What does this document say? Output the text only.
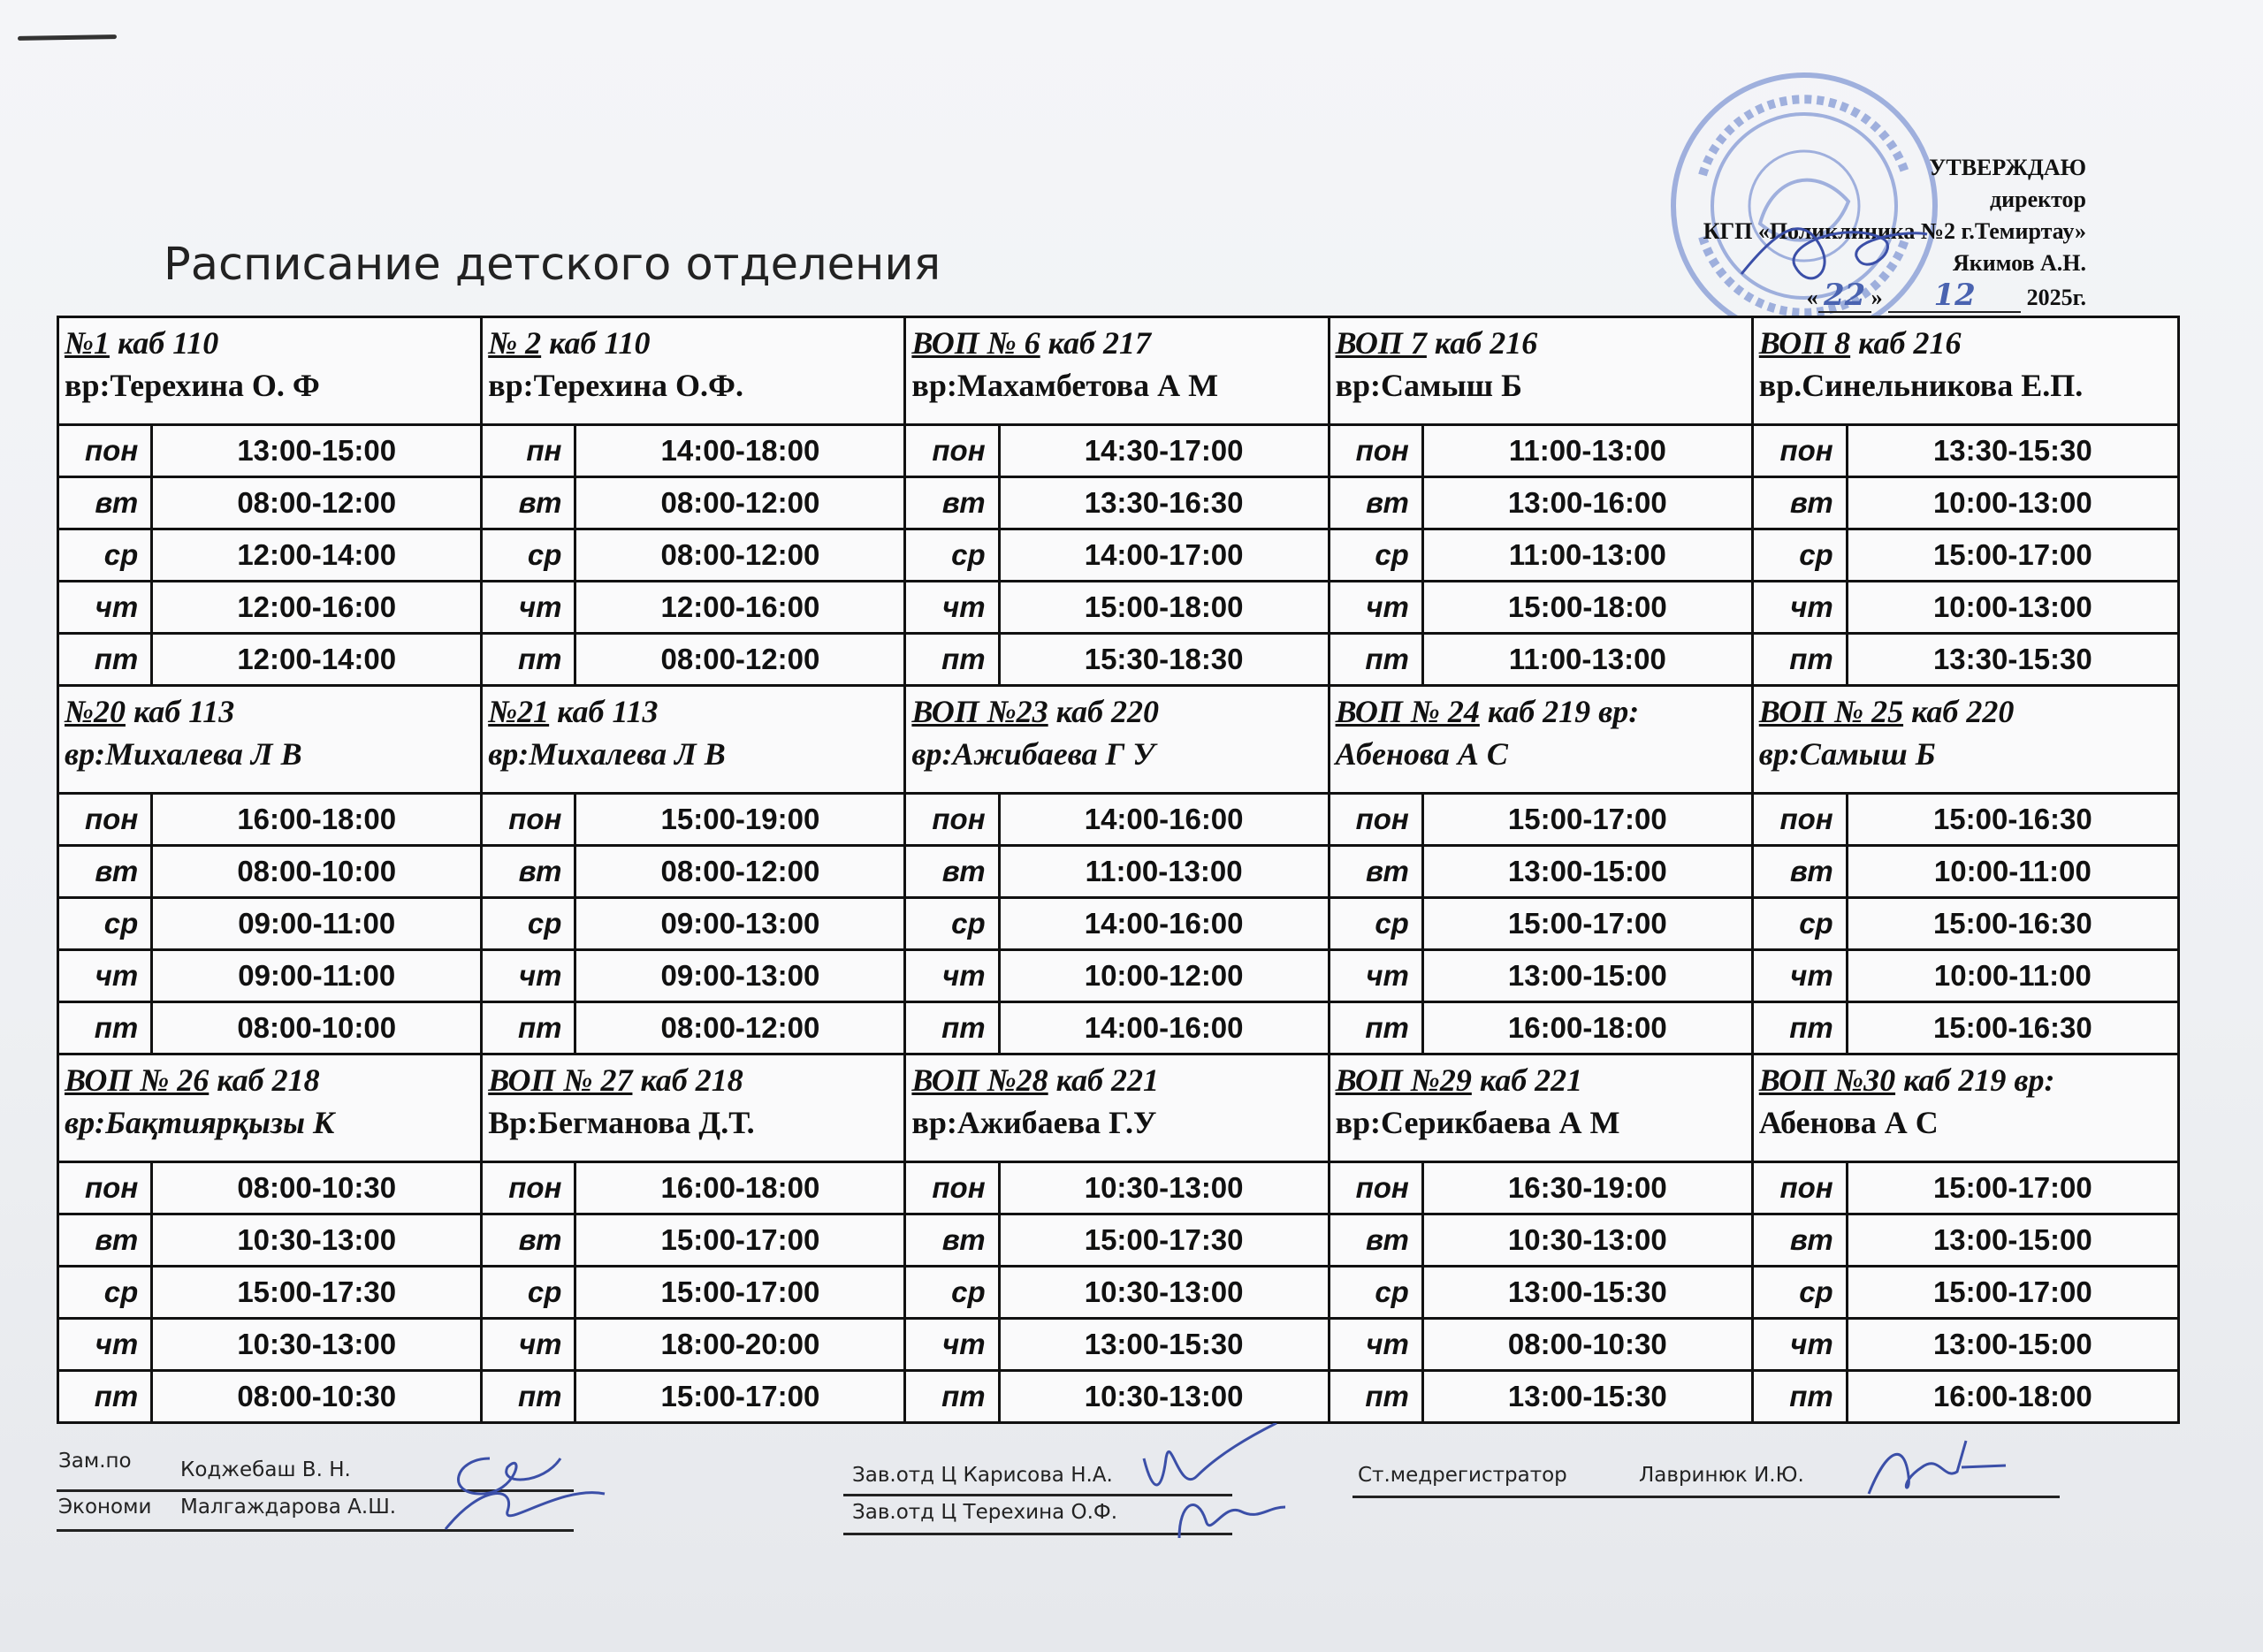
Расписание детского отделения
УТВЕРЖДАЮ
директор
КГП «Поликлиника №2 г.Темиртау»
Якимов А.Н.
« 22 » 12 2025г.
№1 каб 110
вр:Терехина О. Ф
пон	13:00-15:00
вт	08:00-12:00
ср	12:00-14:00
чт	12:00-16:00
пт	12:00-14:00
№ 2 каб 110
вр:Терехина О.Ф.
пн	14:00-18:00
вт	08:00-12:00
ср	08:00-12:00
чт	12:00-16:00
пт	08:00-12:00
ВОП № 6 каб 217
вр:Махамбетова А М
пон	14:30-17:00
вт	13:30-16:30
ср	14:00-17:00
чт	15:00-18:00
пт	15:30-18:30
ВОП 7 каб 216
вр:Самыш Б
пон	11:00-13:00
вт	13:00-16:00
ср	11:00-13:00
чт	15:00-18:00
пт	11:00-13:00
ВОП 8 каб 216
вр.Синельникова Е.П.
пон	13:30-15:30
вт	10:00-13:00
ср	15:00-17:00
чт	10:00-13:00
пт	13:30-15:30
№20 каб 113
вр:Михалева Л В
пон	16:00-18:00
вт	08:00-10:00
ср	09:00-11:00
чт	09:00-11:00
пт	08:00-10:00
№21 каб 113
вр:Михалева Л В
пон	15:00-19:00
вт	08:00-12:00
ср	09:00-13:00
чт	09:00-13:00
пт	08:00-12:00
ВОП №23 каб 220
вр:Ажибаева Г У
пон	14:00-16:00
вт	11:00-13:00
ср	14:00-16:00
чт	10:00-12:00
пт	14:00-16:00
ВОП № 24 каб 219 вр:
Абенова А С
пон	15:00-17:00
вт	13:00-15:00
ср	15:00-17:00
чт	13:00-15:00
пт	16:00-18:00
ВОП № 25 каб 220
вр:Самыш Б
пон	15:00-16:30
вт	10:00-11:00
ср	15:00-16:30
чт	10:00-11:00
пт	15:00-16:30
ВОП № 26 каб 218
вр:Бақтиярқызы К
пон	08:00-10:30
вт	10:30-13:00
ср	15:00-17:30
чт	10:30-13:00
пт	08:00-10:30
ВОП № 27 каб 218
Вр:Бегманова Д.Т.
пон	16:00-18:00
вт	15:00-17:00
ср	15:00-17:00
чт	18:00-20:00
пт	15:00-17:00
ВОП №28 каб 221
вр:Ажибаева Г.У
пон	10:30-13:00
вт	15:00-17:30
ср	10:30-13:00
чт	13:00-15:30
пт	10:30-13:00
ВОП №29 каб 221
вр:Серикбаева А М
пон	16:30-19:00
вт	10:30-13:00
ср	13:00-15:30
чт	08:00-10:30
пт	13:00-15:30
ВОП №30 каб 219 вр:
Абенова А С
пон	15:00-17:00
вт	13:00-15:00
ср	15:00-17:00
чт	13:00-15:00
пт	16:00-18:00
Зам.по Коджебаш В. Н.
Экономи Малгаждарова А.Ш.
Зав.отд Ц Карисова Н.А.
Зав.отд Ц Терехина О.Ф.
Ст.медрегистратор	Лавринюк И.Ю.
